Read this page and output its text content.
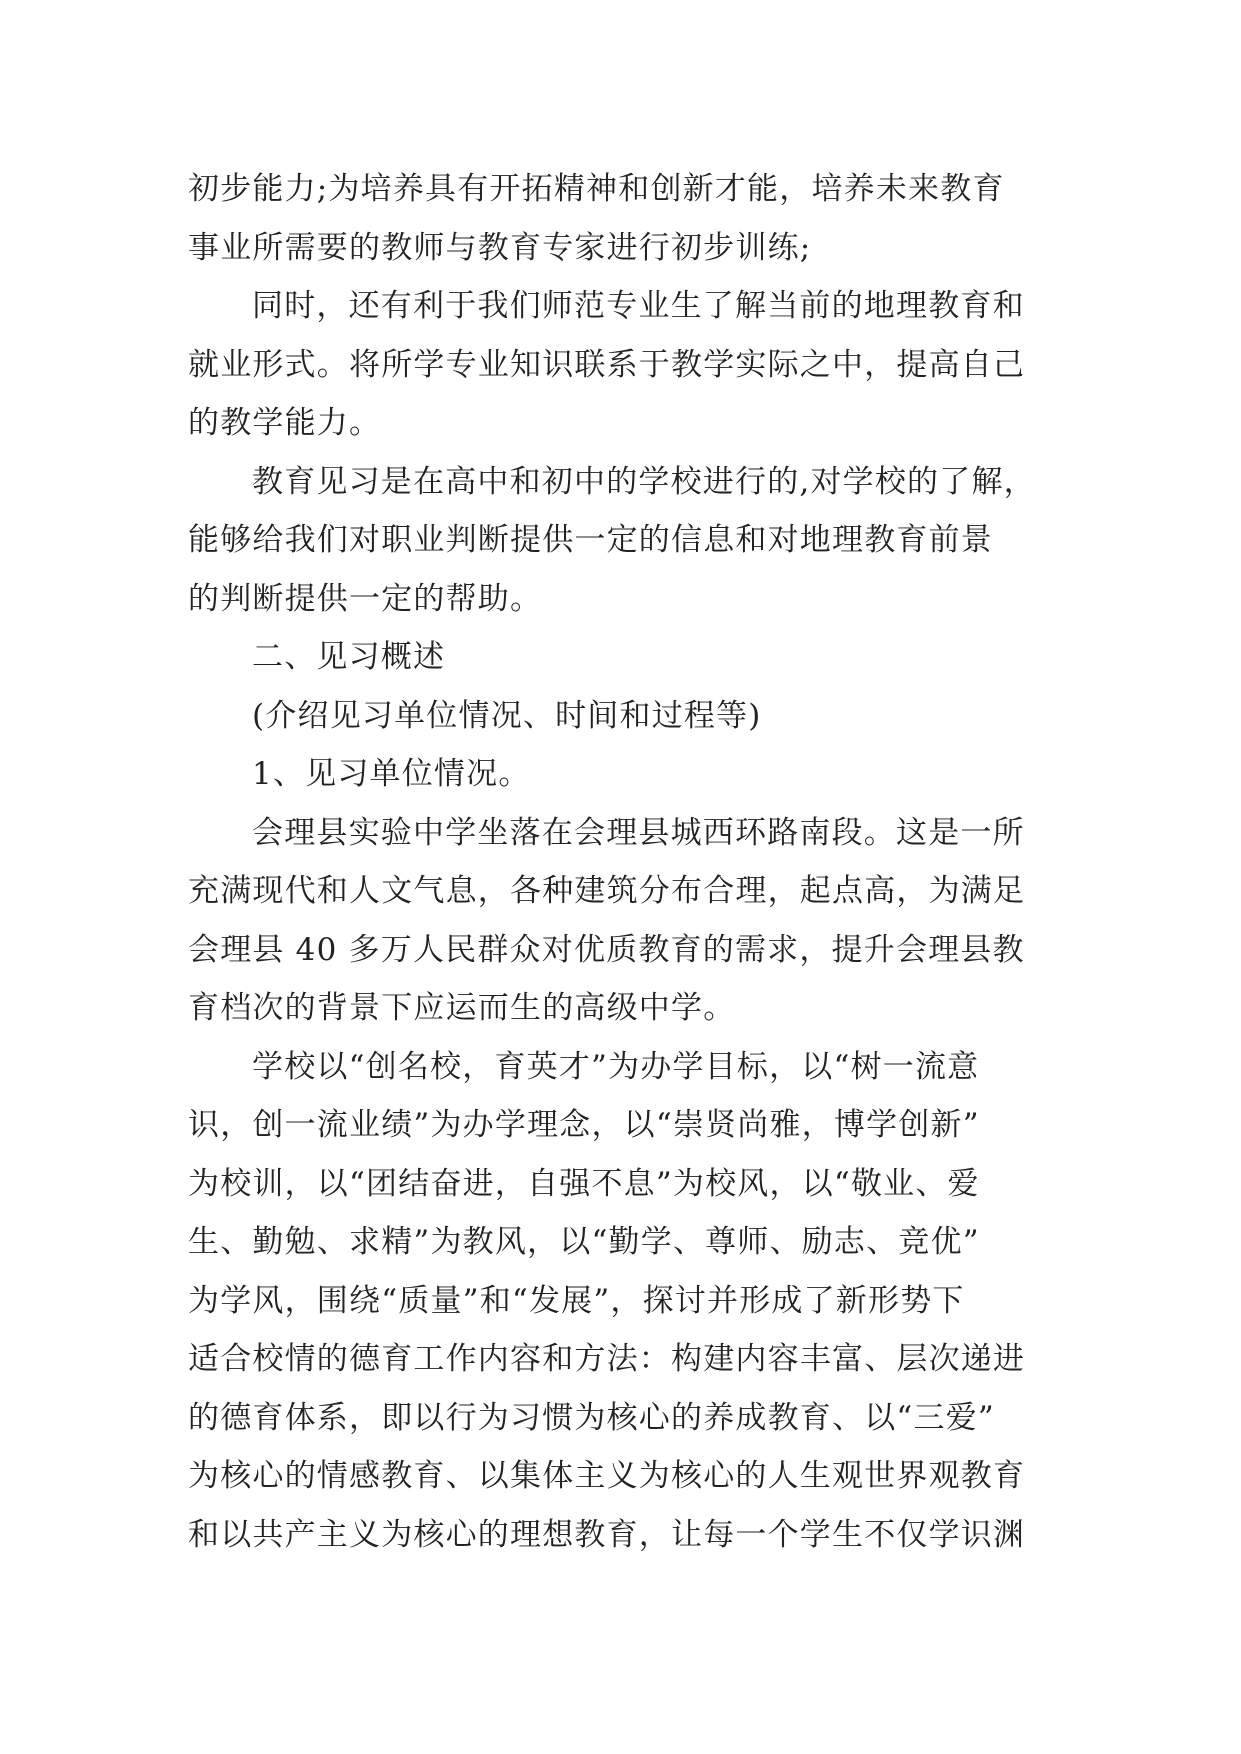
初步能力;为培养具有开拓精神和创新才能，培养未来教育
事业所需要的教师与教育专家进行初步训练;
同时，还有利于我们师范专业生了解当前的地理教育和
就业形式。将所学专业知识联系于教学实际之中，提高自己
的教学能力。
教育见习是在高中和初中的学校进行的,对学校的了解，
能够给我们对职业判断提供一定的信息和对地理教育前景
的判断提供一定的帮助。
二、见习概述
(介绍见习单位情况、时间和过程等)
1、见习单位情况。
会理县实验中学坐落在会理县城西环路南段。这是一所
充满现代和人文气息，各种建筑分布合理，起点高，为满足
会理县 40 多万人民群众对优质教育的需求，提升会理县教
育档次的背景下应运而生的高级中学。
学校以“创名校，育英才”为办学目标，以“树一流意
识，创一流业绩”为办学理念，以“崇贤尚雅，博学创新”
为校训，以“团结奋进，自强不息”为校风，以“敬业、爱
生、勤勉、求精”为教风，以“勤学、尊师、励志、竞优”
为学风，围绕“质量”和“发展”，探讨并形成了新形势下
适合校情的德育工作内容和方法：构建内容丰富、层次递进
的德育体系，即以行为习惯为核心的养成教育、以“三爱”
为核心的情感教育、以集体主义为核心的人生观世界观教育
和以共产主义为核心的理想教育，让每一个学生不仅学识渊
